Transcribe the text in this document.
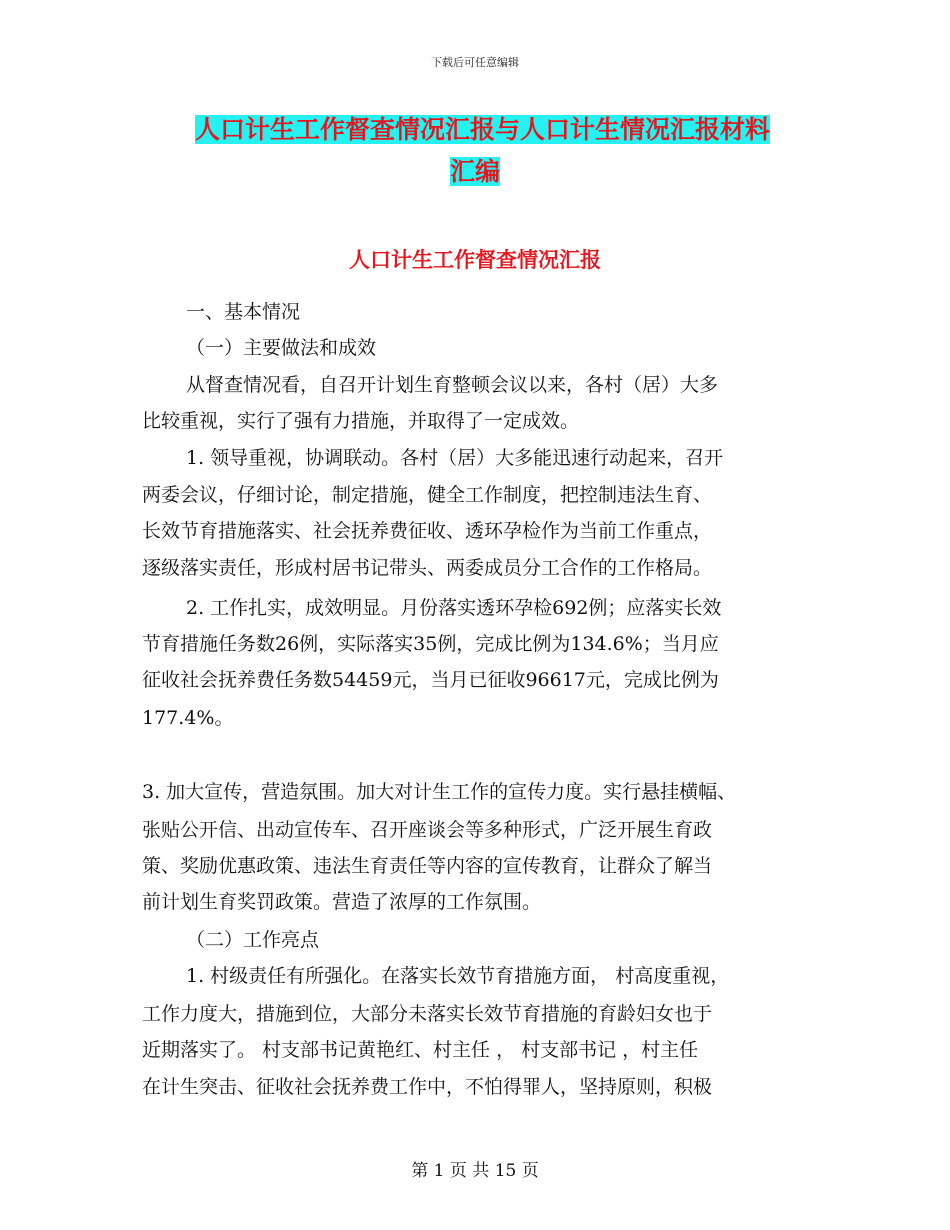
下载后可任意编辑
人口计生工作督查情况汇报与人口计生情况汇报材料
汇编
人口计生工作督查情况汇报
一、基本情况
（一）主要做法和成效
从督查情况看，自召开计划生育整顿会议以来，各村（居）大多
比较重视，实行了强有力措施，并取得了一定成效。
1. 领导重视，协调联动。各村（居）大多能迅速行动起来，召开
两委会议，仔细讨论，制定措施，健全工作制度，把控制违法生育、
长效节育措施落实、社会抚养费征收、透环孕检作为当前工作重点，
逐级落实责任，形成村居书记带头、两委成员分工合作的工作格局。
2. 工作扎实，成效明显。月份落实透环孕检692例；应落实长效
节育措施任务数26例，实际落实35例，完成比例为134.6%；当月应
征收社会抚养费任务数54459元，当月已征收96617元，完成比例为
177.4%。
3. 加大宣传，营造氛围。加大对计生工作的宣传力度。实行悬挂横幅、
张贴公开信、出动宣传车、召开座谈会等多种形式，广泛开展生育政
策、奖励优惠政策、违法生育责任等内容的宣传教育，让群众了解当
前计划生育奖罚政策。营造了浓厚的工作氛围。
（二）工作亮点
1. 村级责任有所强化。在落实长效节育措施方面， 村高度重视，
工作力度大，措施到位，大部分未落实长效节育措施的育龄妇女也于
近期落实了。 村支部书记黄艳红、村主任 ， 村支部书记 ，村主任
在计生突击、征收社会抚养费工作中，不怕得罪人，坚持原则，积极
第 1 页 共 15 页
